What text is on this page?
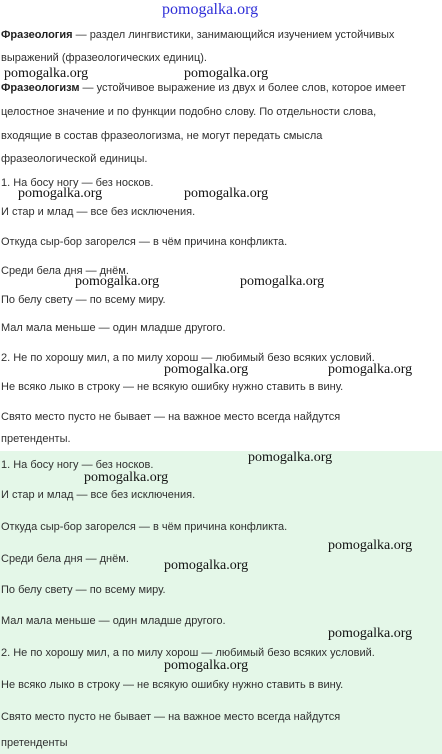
pomogalka.org
Фразеология — раздел лингвистики, занимающийся изучением устойчивых
выражений (фразеологических единиц).
Фразеологизм — устойчивое выражение из двух и более слов, которое имеет
целостное значение и по функции подобно слову. По отдельности слова,
входящие в состав фразеологизма, не могут передать смысла
фразеологической единицы.
1. На босу ногу — без носков.
И стар и млад — все без исключения.
Откуда сыр-бор загорелся — в чём причина конфликта.
Среди бела дня — днём.
По белу свету — по всему миру.
Мал мала меньше — один младше другого.
2. Не по хорошу мил, а по милу хорош — любимый безо всяких условий.
Не всяко лыко в строку — не всякую ошибку нужно ставить в вину.
Свято место пусто не бывает — на важное место всегда найдутся
претенденты.
1. На босу ногу — без носков.
И стар и млад — все без исключения.
Откуда сыр-бор загорелся — в чём причина конфликта.
Среди бела дня — днём.
По белу свету — по всему миру.
Мал мала меньше — один младше другого.
2. Не по хорошу мил, а по милу хорош — любимый безо всяких условий.
Не всяко лыко в строку — не всякую ошибку нужно ставить в вину.
Свято место пусто не бывает — на важное место всегда найдутся
претенденты
pomogalka.org	pomogalka.org
pomogalka.org	pomogalka.org
pomogalka.org	pomogalka.org
pomogalka.org	pomogalka.org
pomogalka.org
pomogalka.org
pomogalka.org
pomogalka.org
pomogalka.org
pomogalka.org
